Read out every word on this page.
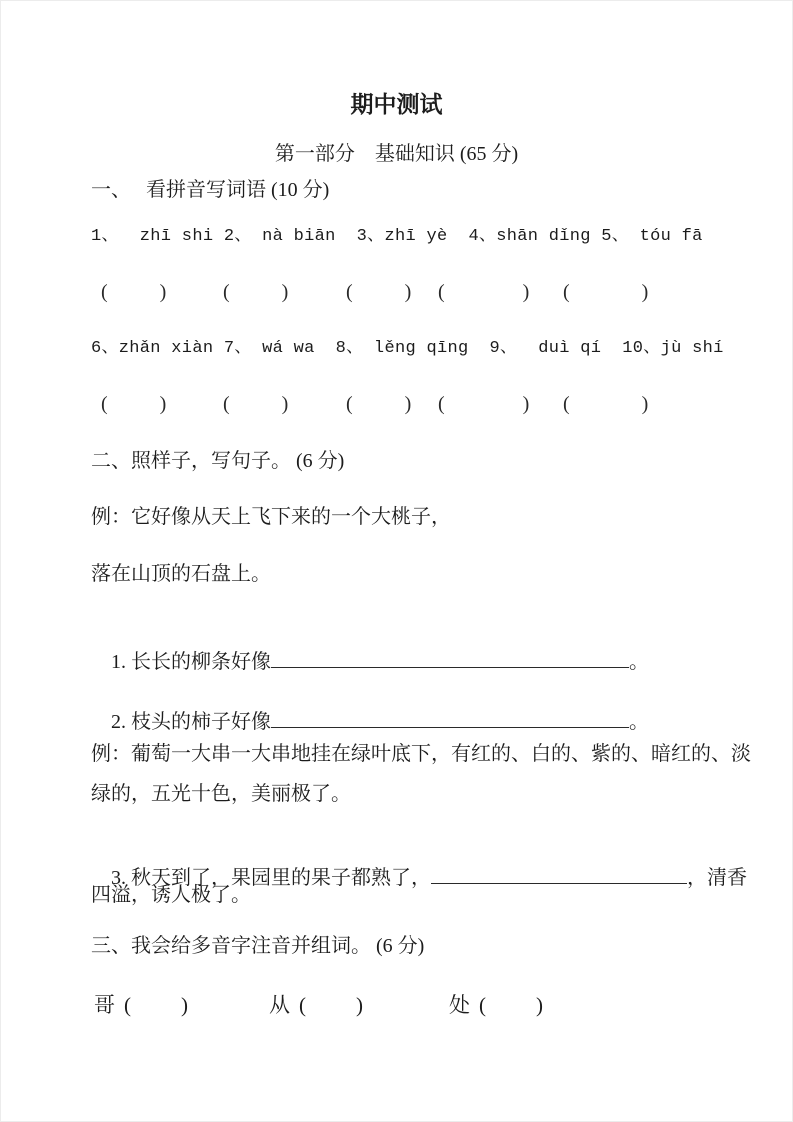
期中测试
第一部分　基础知识 (65 分)
一、　 看拼音写词语 (10 分)
1、  zhī shi 2、 nà biān  3、zhī yè  4、shān dǐng 5、 tóu fā

(	)

	(	)

	(	)

(	)

(	)

6、zhǎn xiàn 7、 wá wa  8、 lěng qīng  9、  duì qí  10、jù shí

(	)

	(	)

	(	)

(	)

(	)

二、照样子，写句子。 (6 分)
例：它好像从天上飞下来的一个大桃子，
落在山顶的石盘上。

1. 长长的柳条好像	。

2. 枝头的柿子好像	。

例：葡萄一大串一大串地挂在绿叶底下，有红的、白的、紫的、暗红的、淡
绿的，五光十色，美丽极了。

3. 秋天到了，果园里的果子都熟了，	，清香

四溢，诱人极了。
三、我会给多音字注音并组词。 (6 分)

哥 ( )

	从 ( )

	处 ( )
